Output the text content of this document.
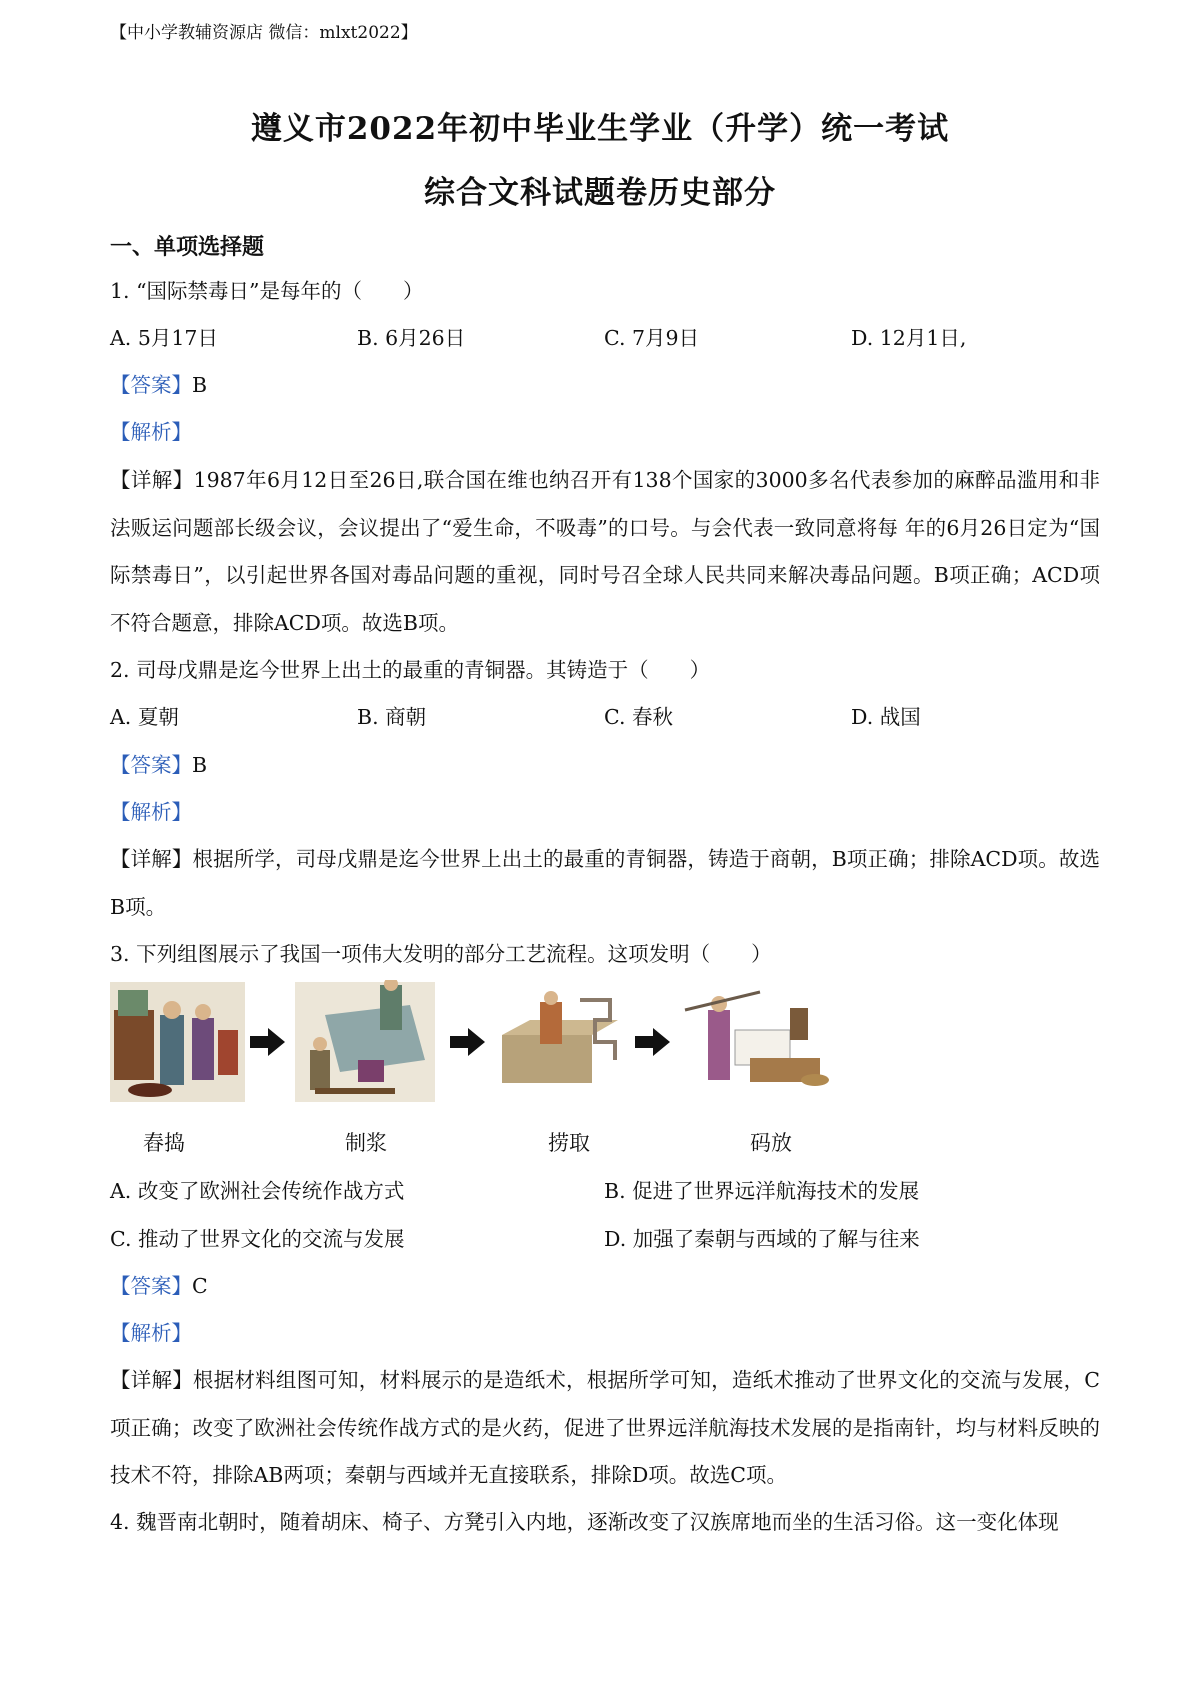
【中小学教辅资源店 微信：mlxt2022】
遵义市2022年初中毕业生学业（升学）统一考试
综合文科试题卷历史部分
一、单项选择题
1. “国际禁毒日”是每年的（　　）
A. 5月17日	B. 6月26日	C. 7月9日	D. 12月1日,
【答案】B
【解析】
【详解】1987年6月12日至26日,联合国在维也纳召开有138个国家的3000多名代表参加的麻醉品滥用和非法贩运问题部长级会议，会议提出了“爱生命，不吸毒”的口号。与会代表一致同意将每 年的6月26日定为“国际禁毒日”，以引起世界各国对毒品问题的重视，同时号召全球人民共同来解决毒品问题。B项正确；ACD项不符合题意，排除ACD项。故选B项。
2. 司母戊鼎是迄今世界上出土的最重的青铜器。其铸造于（　　）
A. 夏朝	B. 商朝	C. 春秋	D. 战国
【答案】B
【解析】
【详解】根据所学，司母戊鼎是迄今世界上出土的最重的青铜器，铸造于商朝，B项正确；排除ACD项。故选B项。
3. 下列组图展示了我国一项伟大发明的部分工艺流程。这项发明（　　）
舂捣	制浆	捞取	码放
A. 改变了欧洲社会传统作战方式	B. 促进了世界远洋航海技术的发展
C. 推动了世界文化的交流与发展	D. 加强了秦朝与西域的了解与往来
【答案】C
【解析】
【详解】根据材料组图可知，材料展示的是造纸术，根据所学可知，造纸术推动了世界文化的交流与发展，C项正确；改变了欧洲社会传统作战方式的是火药，促进了世界远洋航海技术发展的是指南针，均与材料反映的技术不符，排除AB两项；秦朝与西域并无直接联系，排除D项。故选C项。
4. 魏晋南北朝时，随着胡床、椅子、方凳引入内地，逐渐改变了汉族席地而坐的生活习俗。这一变化体现
